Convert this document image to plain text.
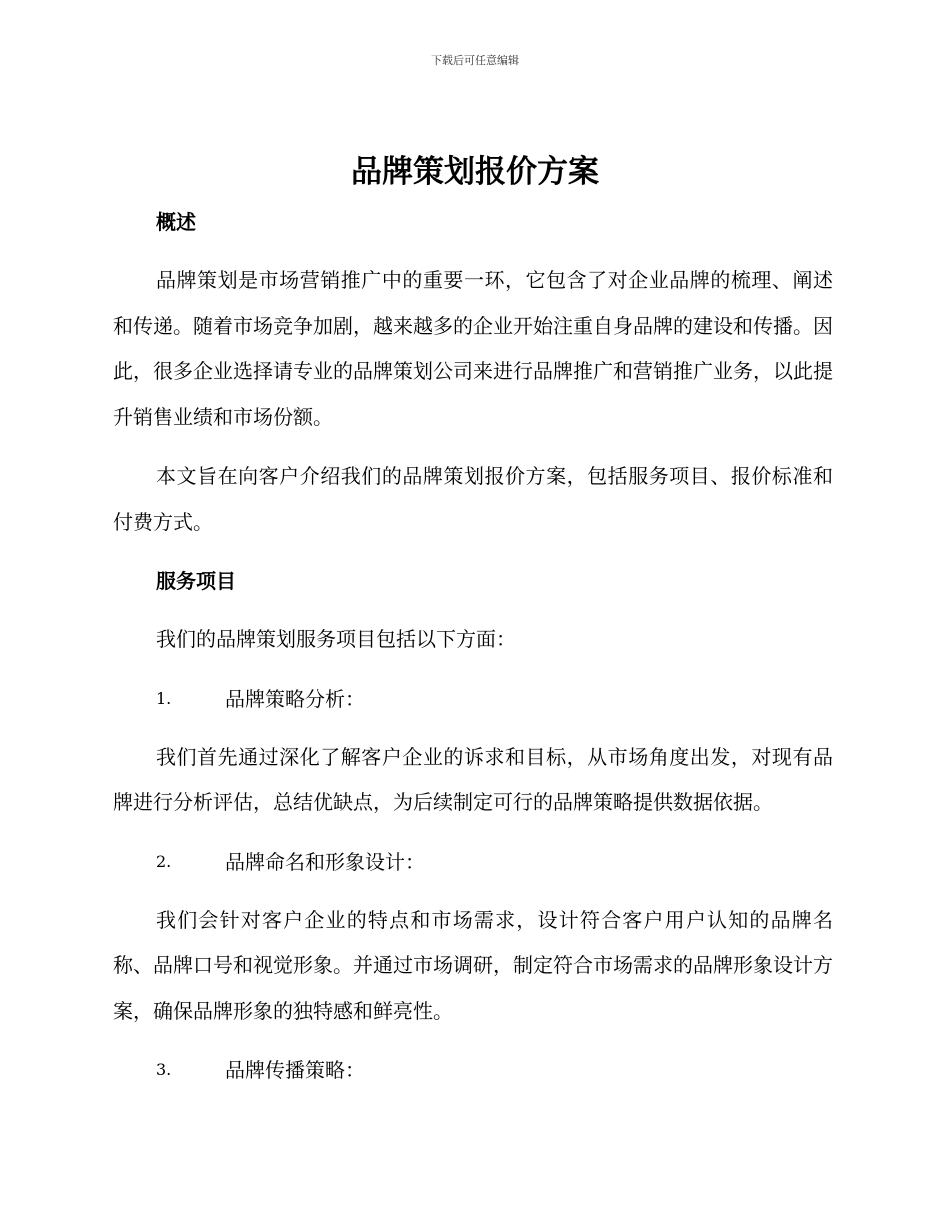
下载后可任意编辑
品牌策划报价方案

概述

品牌策划是市场营销推广中的重要一环，它包含了对企业品牌的梳理、阐述和传递。随着市场竞争加剧，越来越多的企业开始注重自身品牌的建设和传播。因此，很多企业选择请专业的品牌策划公司来进行品牌推广和营销推广业务，以此提升销售业绩和市场份额。

本文旨在向客户介绍我们的品牌策划报价方案，包括服务项目、报价标准和付费方式。

服务项目

我们的品牌策划服务项目包括以下方面：

1.	品牌策略分析：

我们首先通过深化了解客户企业的诉求和目标，从市场角度出发，对现有品牌进行分析评估，总结优缺点，为后续制定可行的品牌策略提供数据依据。

2.	品牌命名和形象设计：

我们会针对客户企业的特点和市场需求，设计符合客户用户认知的品牌名称、品牌口号和视觉形象。并通过市场调研，制定符合市场需求的品牌形象设计方案，确保品牌形象的独特感和鲜亮性。

3.	品牌传播策略：
